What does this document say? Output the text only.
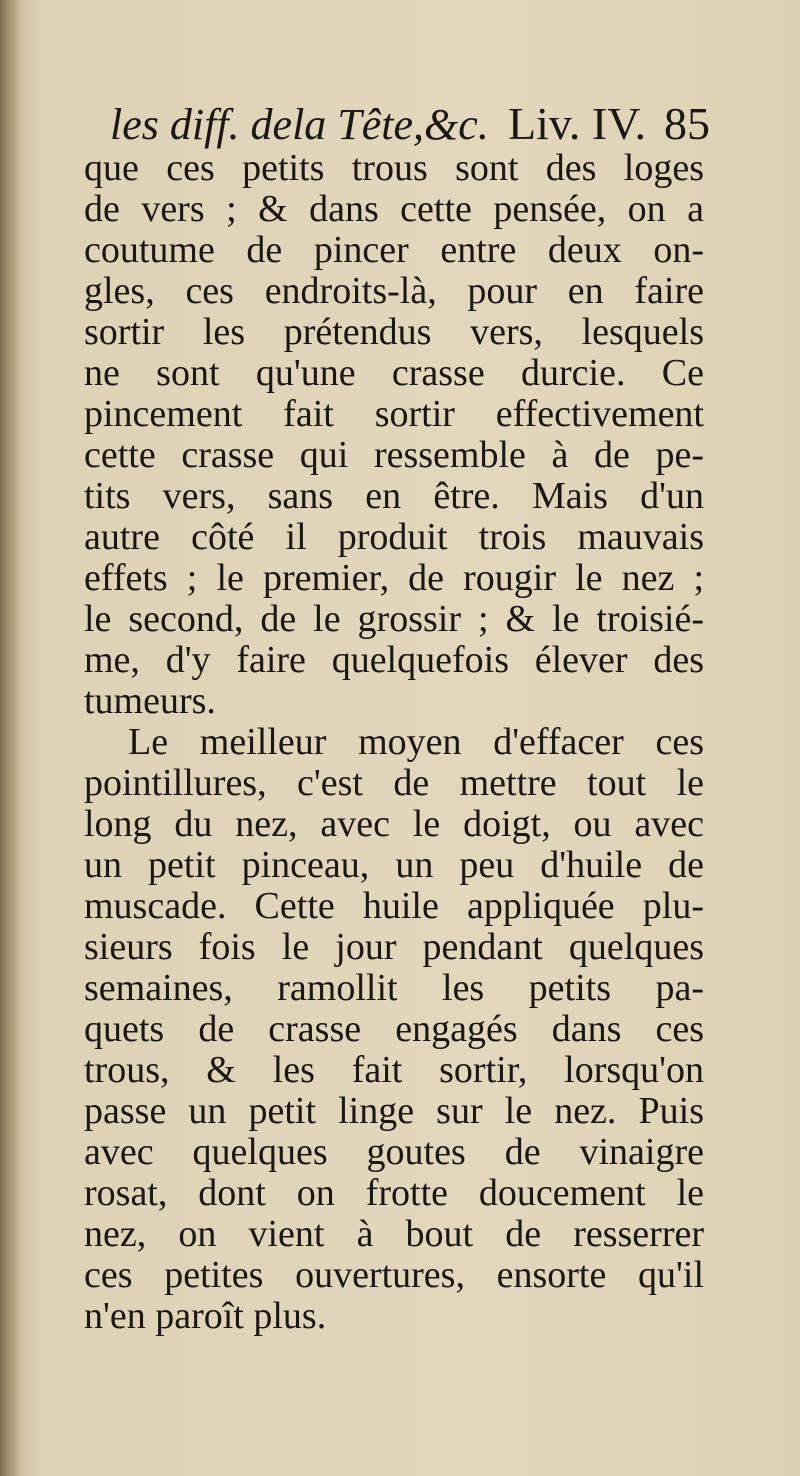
les diff. dela Tête,&c. Liv. IV. 85
que ces petits trous sont des loges
de vers ; & dans cette pensée, on a
coutume de pincer entre deux on-
gles, ces endroits-là, pour en faire
sortir les prétendus vers, lesquels
ne sont qu'une crasse durcie. Ce
pincement fait sortir effectivement
cette crasse qui ressemble à de pe-
tits vers, sans en être. Mais d'un
autre côté il produit trois mauvais
effets ; le premier, de rougir le nez ;
le second, de le grossir ; & le troisié-
me, d'y faire quelquefois élever des
tumeurs.
Le meilleur moyen d'effacer ces
pointillures, c'est de mettre tout le
long du nez, avec le doigt, ou avec
un petit pinceau, un peu d'huile de
muscade. Cette huile appliquée plu-
sieurs fois le jour pendant quelques
semaines, ramollit les petits pa-
quets de crasse engagés dans ces
trous, & les fait sortir, lorsqu'on
passe un petit linge sur le nez. Puis
avec quelques goutes de vinaigre
rosat, dont on frotte doucement le
nez, on vient à bout de resserrer
ces petites ouvertures, ensorte qu'il
n'en paroît plus.
